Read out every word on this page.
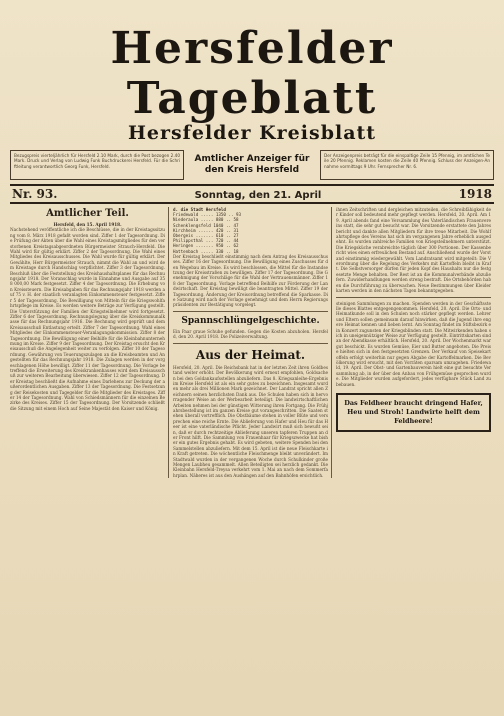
Hersfelder Tageblatt
Hersfelder Kreisblatt
Bezugspreis vierteljährlich für Hersfeld 2.10 Mark, durch die Post bezogen 2.40 Mark. Druck und Verlag von Ludwig Funk Buchdruckerei Hersfeld. Für die Schriftleitung verantwortlich Georg Funk, Hersfeld.
Amtlicher Anzeiger für den Kreis Hersfeld
Der Anzeigenpreis beträgt für die einspaltige Zeile 15 Pfennig, im amtlichen Teile 20 Pfennig. Reklamen kosten die Zeile 40 Pfennig. Schluss der Anzeigen-Annahme vormittags 9 Uhr. Fernsprecher Nr. 6.
Nr. 93.	Sonntag, den 21. April	1918
Amtlicher Teil.
Hersfeld, den 15. April 1918.
Nachstehend veröffentliche ich die Beschlüsse, die in der Kreistagssitzung vom 8. März 1918 gefaßt worden sind. Ziffer 1 der Tagesordnung. Die Prüfung der Akten über die Wahl eines Kreistagsmitgliedes für den verstorbenen Kreistagsabgeordneten Bürgermeister Strauch-Hersfeld. Die Wahl wird für gültig erklärt. Ziffer 2 der Tagesordnung. Die Wahl eines Mitgliedes des Kreisausschusses. Die Wahl wurde für gültig erklärt. Der Gewählte, Herr Bürgermeister Strauch, nimmt die Wahl an und wird dem Kreistage durch Handschlag verpflichtet. Ziffer 3 der Tagesordnung. Beschluß über die Feststellung des Kreishaushaltsplanes für das Rechnungsjahr 1918. Der Voranschlag wurde in Einnahme und Ausgabe auf 358 000,00 Mark festgesetzt. Ziffer 4 der Tagesordnung. Die Erhebung von Kreissteuern. Die Kreisabgaben für das Rechnungsjahr 1918 werden auf 75 v. H. der staatlich veranlagten Einkommensteuer festgesetzt. Ziffer 5 der Tagesordnung. Die Bewilligung von Mitteln für die Kriegswohlfahrtspflege im Kreise. Es werden weitere Beträge zur Verfügung gestellt. Die Unterstützung der Familien der Kriegsteilnehmer wird fortgesetzt. Ziffer 6 der Tagesordnung. Rechnungslegung über die Kreiskommunalkasse für das Rechnungsjahr 1916. Die Rechnung wird geprüft und dem Kreisausschuß Entlastung erteilt. Ziffer 7 der Tagesordnung. Wahl eines Mitgliedes der Einkommensteuer-Veranlagungskommission. Ziffer 8 der Tagesordnung. Die Bewilligung einer Beihilfe für die Kleinbahnunternehmung im Kreise. Ziffer 9 der Tagesordnung. Der Kreistag ersucht den Kreisausschuß die Angelegenheit weiter zu verfolgen. Ziffer 10 der Tagesordnung. Gewährung von Teuerungszulagen an die Kreisbeamten und Angestellten für das Rechnungsjahr 1918. Die Zulagen werden in der vorgeschlagenen Höhe bewilligt. Ziffer 11 der Tagesordnung. Die Vorlage betreffend die Erweiterung des Kreiskrankenhauses wird dem Kreisausschuß zur weiteren Bearbeitung überwiesen. Ziffer 12 der Tagesordnung. Der Kreistag beschließt die Aufnahme eines Darlehens zur Deckung der außerordentlichen Ausgaben. Ziffer 13 der Tagesordnung. Die Festsetzung der Reisekosten und Tagegelder für die Mitglieder des Kreistages. Ziffer 14 der Tagesordnung. Wahl von Schiedsmännern für die einzelnen Bezirke des Kreises. Ziffer 15 der Tagesordnung. Der Vorsitzende schließt die Sitzung mit einem Hoch auf Seine Majestät den Kaiser und König.
d. die Stadt Hersfeld
Friedewald ..... 1350 .. 93
Niederaula ..... 880 .. 58
Schenklengsfeld 1040 .. 47
Kirchheim ...... 420 .. 31
Obergeis ....... 610 .. 27
Philippsthal ... 720 .. 44
Heringen ....... 950 .. 62
Hattenbach ..... 330 .. 18
Der Kreistag beschließt einstimmig nach dem Antrag des Kreisausschusses. Ziffer 16 der Tagesordnung. Die Bewilligung eines Zuschusses für den Wegebau im Kreise. Es wird beschlossen, die Mittel für die Instandsetzung der Kreisstraßen zu bewilligen. Ziffer 17 der Tagesordnung. Die Genehmigung der Vorschläge für die Wahl der Vertrauensmänner. Ziffer 18 der Tagesordnung. Vorlage betreffend Beihilfe zur Förderung der Landwirtschaft. Der Kreistag bewilligt die beantragten Mittel. Ziffer 19 der Tagesordnung. Änderung der Kreisordnung betreffend die Sparkasse. Die Satzung wird nach der Vorlage genehmigt und dem Herrn Regierungspräsidenten zur Bestätigung vorgelegt.
Spannschlüngelgeschichte.
Ein Paar graue Schuhe gefunden. Gegen die Kosten abzuholen. Hersfeld, den 20. April 1918. Die Polizeiverwaltung.
Aus der Heimat.
Hersfeld, 20. April. Die Reichsbank hat in der letzten Zeit ihren Goldbestand weiter erhöht. Der Bevölkerung wird erneut empfohlen, Goldsachen bei den Goldankaufsstellen abzuliefern. Das 8. Kriegsanleihe-Ergebnis im Kreise Hersfeld ist als ein sehr gutes zu bezeichnen. Insgesamt wurden mehr als drei Millionen Mark gezeichnet. Der Landrat spricht allen Zeichnern seinen herzlichsten Dank aus. Die Schulen haben sich in hervorragender Weise an der Werbearbeit beteiligt. Die landwirtschaftlichen Arbeiten nehmen bei der günstigen Witterung ihren Fortgang. Die Frühjahrsbestellung ist im ganzen Kreise gut vorangeschritten. Die Saaten stehen überall vortrefflich. Die Obstbäume stehen in voller Blüte und versprechen eine reiche Ernte. Die Ablieferung von Hafer und Heu für das Heer ist eine vaterländische Pflicht. Jeder Landwirt muß sich bewußt sein, daß er durch rechtzeitige Ablieferung unseren tapferen Truppen an der Front hilft. Die Sammlung von Frauenhaar für Kriegszwecke hat bisher ein gutes Ergebnis gehabt. Es wird gebeten, weitere Spenden bei den Sammelstellen abzuliefern. Mit dem 15. April ist die neue Fleischkarte in Kraft getreten. Die wöchentliche Fleischmenge bleibt unverändert. Im Stadtwald wurden in der vergangenen Woche durch Schulkinder große Mengen Laubheu gesammelt. Allen Beteiligten sei herzlich gedankt. Die Kleinbahn Hersfeld-Treysa verkehrt vom 1. Mai an nach dem Sommerfahrplan. Näheres ist aus den Aushängen auf den Bahnhöfen ersichtlich.
ihnen Zeitschriften und dergleichen mitzuteilen, die Schreibfähigkeit der Kinder soll bedeutend mehr gepflegt werden. Hersfeld, 20. April. Am 19. April abends fand eine Versammlung des Vaterländischen Frauenvereins statt, die sehr gut besucht war. Die Vorsitzende erstattete den Jahresbericht und dankte allen Mitgliedern für ihre treue Mitarbeit. Die Wohlfahrtspflege des Vereins hat sich im vergangenen Jahre erheblich ausgedehnt. Es wurden zahlreiche Familien von Kriegsteilnehmern unterstützt. Die Kriegsküche verabreichte täglich über 300 Portionen. Der Kassenbericht wies einen erfreulichen Bestand auf. Anschließend wurde der Vorstand einstimmig wiedergewählt. Vom Landratsamt wird mitgeteilt: Die Verordnung über die Regelung des Verkehrs mit Kartoffeln bleibt in Kraft. Die Selbstversorger dürfen für jeden Kopf des Haushalts nur die festgesetzte Menge behalten. Der Rest ist an die Kommunalverbände abzuliefern. Zuwiderhandlungen werden streng bestraft. Die Ortsbehörden haben die Durchführung zu überwachen. Neue Bestimmungen über Kleiderkarten werden in den nächsten Tagen bekanntgegeben.
steinigen Sammlungen zu machen. Spenden werden in der Geschäftsstelle dieses Blattes entgegengenommen. Hersfeld, 20. April. Die Orts- und Heimatkunde soll in den Schulen noch stärker gepflegt werden. Lehrer und Eltern sollen gemeinsam darauf hinwirken, daß die Jugend ihre engere Heimat kennen und lieben lernt. Am Sonntag findet im Stiftsbezirk ein Konzert zugunsten der Kriegsblinden statt. Die Mitwirkenden haben sich in uneigennütziger Weise zur Verfügung gestellt. Eintrittskarten sind an der Abendkasse erhältlich. Hersfeld, 20. April. Der Wochenmarkt war gut beschickt. Es wurden Gemüse, Eier und Butter angeboten. Die Preise hielten sich in den festgesetzten Grenzen. Der Verkauf von Speisekartoffeln erfolgt weiterhin nur gegen Abgabe der Kartoffelmarken. Die Bevölkerung wird ersucht, mit den Vorräten sparsam umzugehen. Friedewald, 19. April. Der Obst- und Gartenbauverein hielt eine gut besuchte Versammlung ab, in der über den Anbau von Frühgemüse gesprochen wurde. Die Mitglieder wurden aufgefordert, jedes verfügbare Stück Land zu bebauen.
Das Feldheer braucht dringend Hafer, Heu und Stroh! Landwirte helft dem Feldheere!
